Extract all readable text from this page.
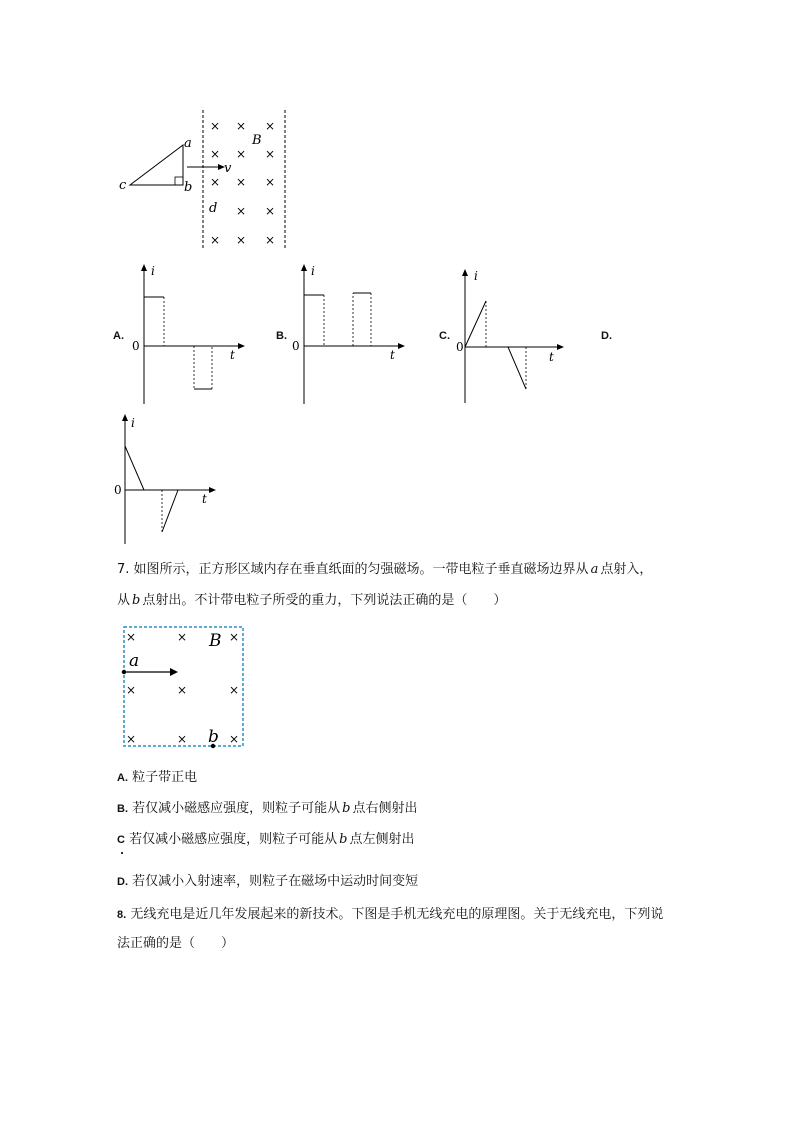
a
b
c
v
d
B
× × ×
× × ×
× × ×
× ×
× × ×
A.
i
t
0
B.
i
t
0
C.
i
t
0
D.
i
t
0
7. 如图所示，正方形区域内存在垂直纸面的匀强磁场。一带电粒子垂直磁场边界从 a 点射入，
从 b 点射出。不计带电粒子所受的重力，下列说法正确的是（　　）
a
b
B
×	×	×
×	×	×
×	×	×
A. 粒子带正电
B. 若仅减小磁感应强度，则粒子可能从 b 点右侧射出
C 若仅减小磁感应强度，则粒子可能从 b 点左侧射出
D. 若仅减小入射速率，则粒子在磁场中运动时间变短
8. 无线充电是近几年发展起来的新技术。下图是手机无线充电的原理图。关于无线充电，下列说
法正确的是（　　）
